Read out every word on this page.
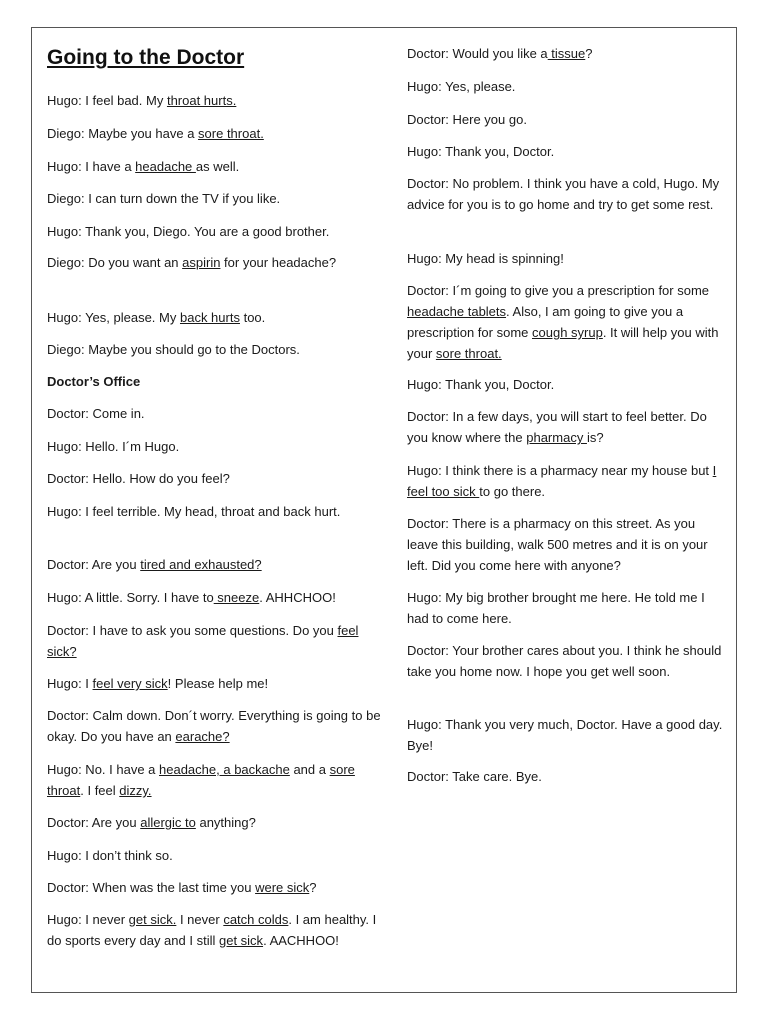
Going to the Doctor

Hugo: I feel bad. My throat hurts.

Diego: Maybe you have a sore throat.

Hugo: I have a headache as well.

Diego: I can turn down the TV if you like.

Hugo: Thank you, Diego. You are a good brother.

Diego: Do you want an aspirin for your headache?

Hugo: Yes, please. My back hurts too.

Diego: Maybe you should go to the Doctors.

Doctor’s Office

Doctor: Come in.

Hugo: Hello. I´m Hugo.

Doctor: Hello. How do you feel?

Hugo: I feel terrible. My head, throat and back hurt.

Doctor: Are you tired and exhausted?

Hugo: A little. Sorry. I have to sneeze. AHHCHOO!

Doctor: I have to ask you some questions. Do you feel sick?

Hugo: I feel very sick! Please help me!

Doctor: Calm down. Don´t worry. Everything is going to be okay. Do you have an earache?

Hugo: No. I have a headache, a backache and a sore throat. I feel dizzy.

Doctor: Are you allergic to anything?

Hugo: I don’t think so.

Doctor: When was the last time you were sick?

Hugo: I never get sick. I never catch colds. I am healthy. I do sports every day and I still get sick. AACHHOO!

Doctor: Would you like a tissue?

Hugo: Yes, please.

Doctor: Here you go.

Hugo: Thank you, Doctor.

Doctor: No problem. I think you have a cold, Hugo. My advice for you is to go home and try to get some rest.

Hugo: My head is spinning!

Doctor: I´m going to give you a prescription for some headache tablets. Also, I am going to give you a prescription for some cough syrup. It will help you with your sore throat.

Hugo: Thank you, Doctor.

Doctor: In a few days, you will start to feel better. Do you know where the pharmacy is?

Hugo: I think there is a pharmacy near my house but I feel too sick to go there.

Doctor: There is a pharmacy on this street. As you leave this building, walk 500 metres and it is on your left. Did you come here with anyone?

Hugo: My big brother brought me here. He told me I had to come here.

Doctor: Your brother cares about you. I think he should take you home now. I hope you get well soon.

Hugo: Thank you very much, Doctor. Have a good day. Bye!

Doctor: Take care. Bye.
